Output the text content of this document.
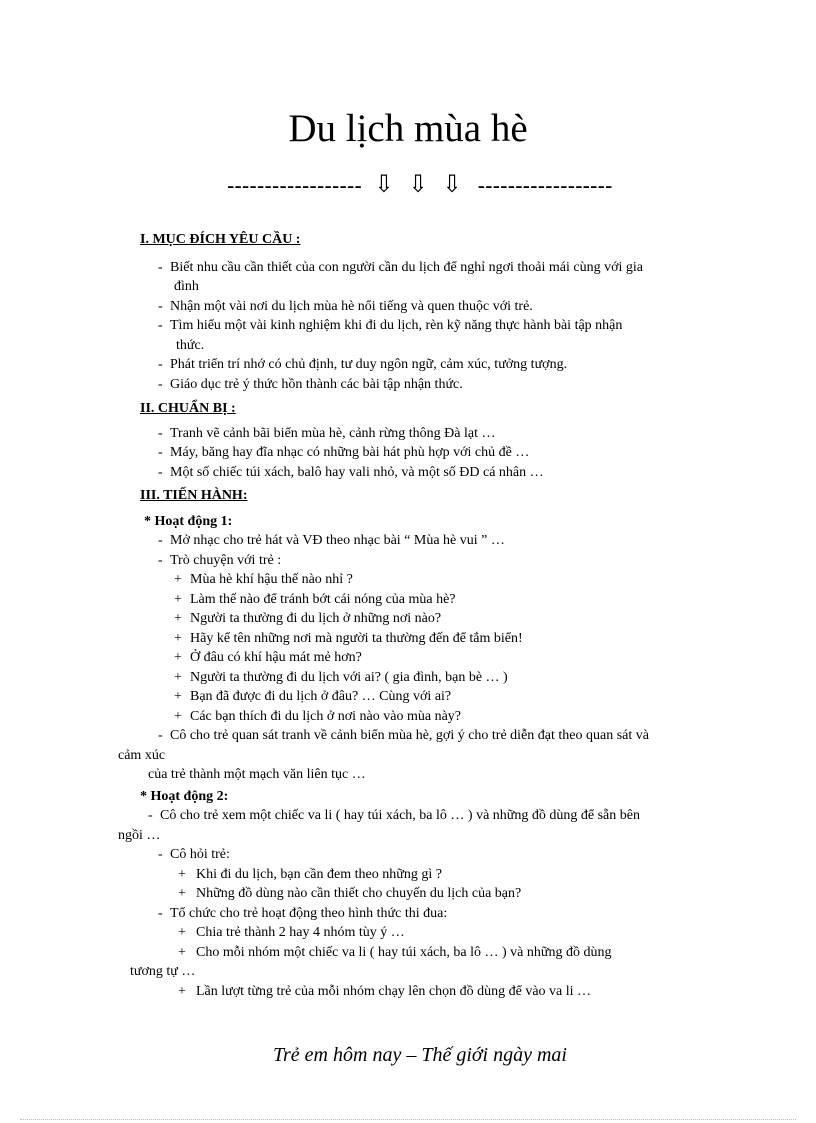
Du lịch mùa hè
------------------ ⇩ ⇩ ⇩ ------------------
I. MỤC ĐÍCH YÊU CẦU :
- Biết nhu cầu cần thiết của con người cần du lịch để nghỉ ngơi thoải mái cùng với gia
đình
- Nhận một vài nơi du lịch mùa hè nổi tiếng và quen thuộc với trẻ.
- Tìm hiểu một vài kinh nghiệm khi đi du lịch, rèn kỹ năng thực hành bài tập nhận
thức.
- Phát triển trí nhớ có chủ định, tư duy ngôn ngữ, cảm xúc, tưởng tượng.
- Giáo dục trẻ ý thức hồn thành các bài tập nhận thức.
II. CHUẨN BỊ :
- Tranh vẽ cảnh bãi biển mùa hè, cảnh rừng thông Đà lạt …
- Máy, băng hay đĩa nhạc có những bài hát phù hợp với chủ đề …
- Một số chiếc túi xách, balô hay vali nhỏ, và một số ĐD cá nhân …
III. TIẾN HÀNH:
* Hoạt động 1:
- Mở nhạc cho trẻ hát và VĐ theo nhạc bài “ Mùa hè vui ” …
- Trò chuyện với trẻ :
+ Mùa hè khí hậu thế nào nhỉ ?
+ Làm thế nào để tránh bớt cái nóng của mùa hè?
+ Người ta thường đi du lịch ở những nơi nào?
+ Hãy kể tên những nơi mà người ta thường đến để tắm biển!
+ Ở đâu có khí hậu mát mẻ hơn?
+ Người ta thường đi du lịch với ai? ( gia đình, bạn bè … )
+ Bạn đã được đi du lịch ở đâu? … Cùng với ai?
+ Các bạn thích đi du lịch ở nơi nào vào mùa này?
- Cô cho trẻ quan sát tranh về cảnh biển mùa hè, gợi ý cho trẻ diễn đạt theo quan sát và
cảm xúc
của trẻ thành một mạch văn liên tục …
* Hoạt động 2:
- Cô cho trẻ xem một chiếc va li ( hay túi xách, ba lô … ) và những đồ dùng để sẵn bên
ngồi …
- Cô hỏi trẻ:
+ Khi đi du lịch, bạn cần đem theo những gì ?
+ Những đồ dùng nào cần thiết cho chuyến du lịch của bạn?
- Tổ chức cho trẻ hoạt động theo hình thức thi đua:
+ Chia trẻ thành 2 hay 4 nhóm tùy ý …
+ Cho mỗi nhóm một chiếc va li ( hay túi xách, ba lô … ) và những đồ dùng
tương tự …
+ Lần lượt từng trẻ của mỗi nhóm chạy lên chọn đồ dùng để vào va li …
Trẻ em hôm nay – Thế giới ngày mai
